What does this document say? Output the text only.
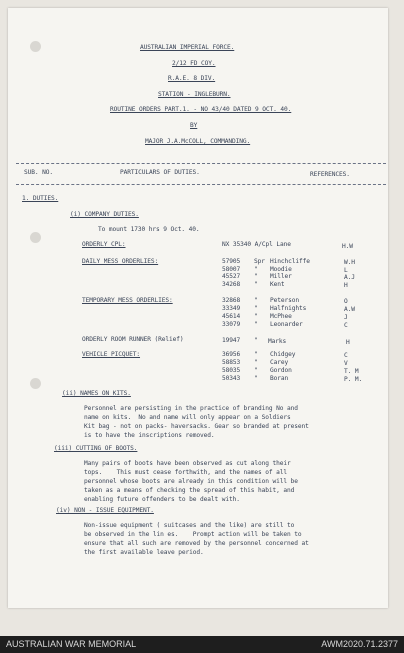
AUSTRALIAN IMPERIAL FORCE.
2/12 FD COY.
R.A.E. 8 DIV.
STATION - INGLEBURN.
ROUTINE ORDERS PART.1. - NO 43/40 DATED 9 OCT. 40.
BY
MAJOR J.A.McCOLL, COMMANDING.
SUB. NO.	PARTICULARS OF DUTIES.	REFERENCES.
1. DUTIES.
(i) COMPANY DUTIES.
To mount 1730 hrs 9 Oct. 40.
ORDERLY CPL:	NX 35340 A/Cpl Lane	H.W
DAILY MESS ORDERLIES:	57905 Spr Hinchcliffe	W.H
58007 " Moodie	L
45527 " Miller	A.J
34268 " Kent	H
TEMPORARY MESS ORDERLIES:	32868 " Peterson	O
33349 " Halfnights	A.W
45614 " McPhee	J
33079 " Leonarder	C
ORDERLY ROOM RUNNER (Relief)	19947 " Marks	H
VEHICLE PICQUET:	36956 " Chidgey	C
58853 " Carey	V
58035 " Gordon	T. M
50343 " Boran	P. M.
(ii) NAMES ON KITS.
Personnel are persisting in the practice of branding No and
name on kits.  No and name will only appear on a Soldiers
Kit bag - not on packs- haversacks. Gear so branded at present
is to have the inscriptions removed.
(iii) CUTTING OF BOOTS.
Many pairs of boots have been observed as cut along their
tops.    This must cease forthwith, and the names of all
personnel whose boots are already in this condition will be
taken as a means of checking the spread of this habit, and
enabling future offenders to be dealt with.
(iv) NON - ISSUE EQUIPMENT.
Non-issue equipment ( suitcases and the like) are still to
be observed in the lin es.    Prompt action will be taken to
ensure that all such are removed by the personnel concerned at
the first available leave period.
AUSTRALIAN WAR MEMORIAL	AWM2020.71.2377
